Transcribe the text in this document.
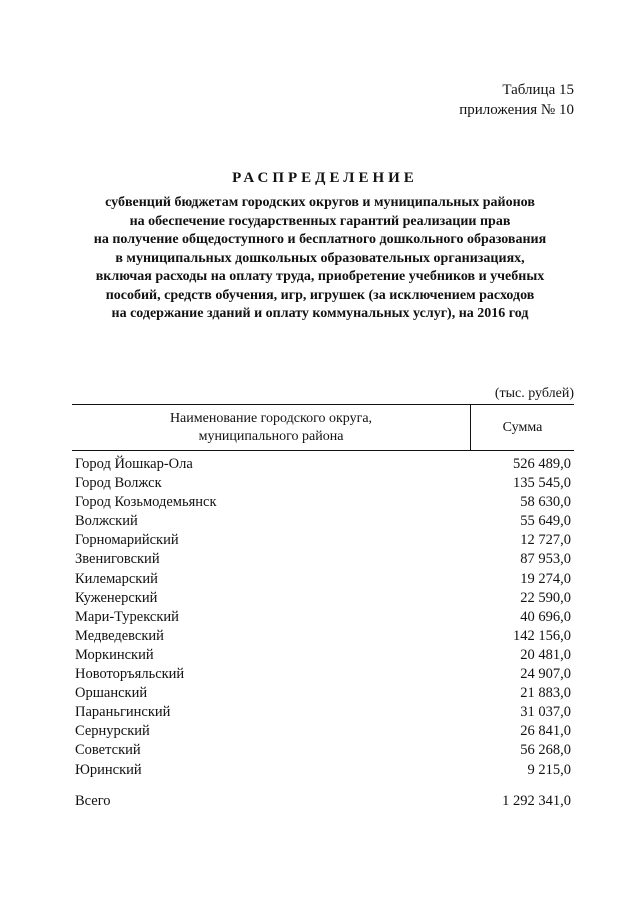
Таблица 15
приложения № 10
РАСПРЕДЕЛЕНИЕ
субвенций бюджетам городских округов и муниципальных районов
на обеспечение государственных гарантий реализации прав
на получение общедоступного и бесплатного дошкольного образования
в муниципальных дошкольных образовательных организациях,
включая расходы на оплату труда, приобретение учебников и учебных
пособий, средств обучения, игр, игрушек (за исключением расходов
на содержание зданий и оплату коммунальных услуг), на 2016 год
(тыс. рублей)
Наименование городского округа,
муниципального района
Сумма
Город Йошкар-Ола	526 489,0
Город Волжск	135 545,0
Город Козьмодемьянск	58 630,0
Волжский	55 649,0
Горномарийский	12 727,0
Звениговский	87 953,0
Килемарский	19 274,0
Куженерский	22 590,0
Мари-Турекский	40 696,0
Медведевский	142 156,0
Моркинский	20 481,0
Новоторъяльский	24 907,0
Оршанский	21 883,0
Параньгинский	31 037,0
Сернурский	26 841,0
Советский	56 268,0
Юринский	9 215,0
Всего	1 292 341,0
